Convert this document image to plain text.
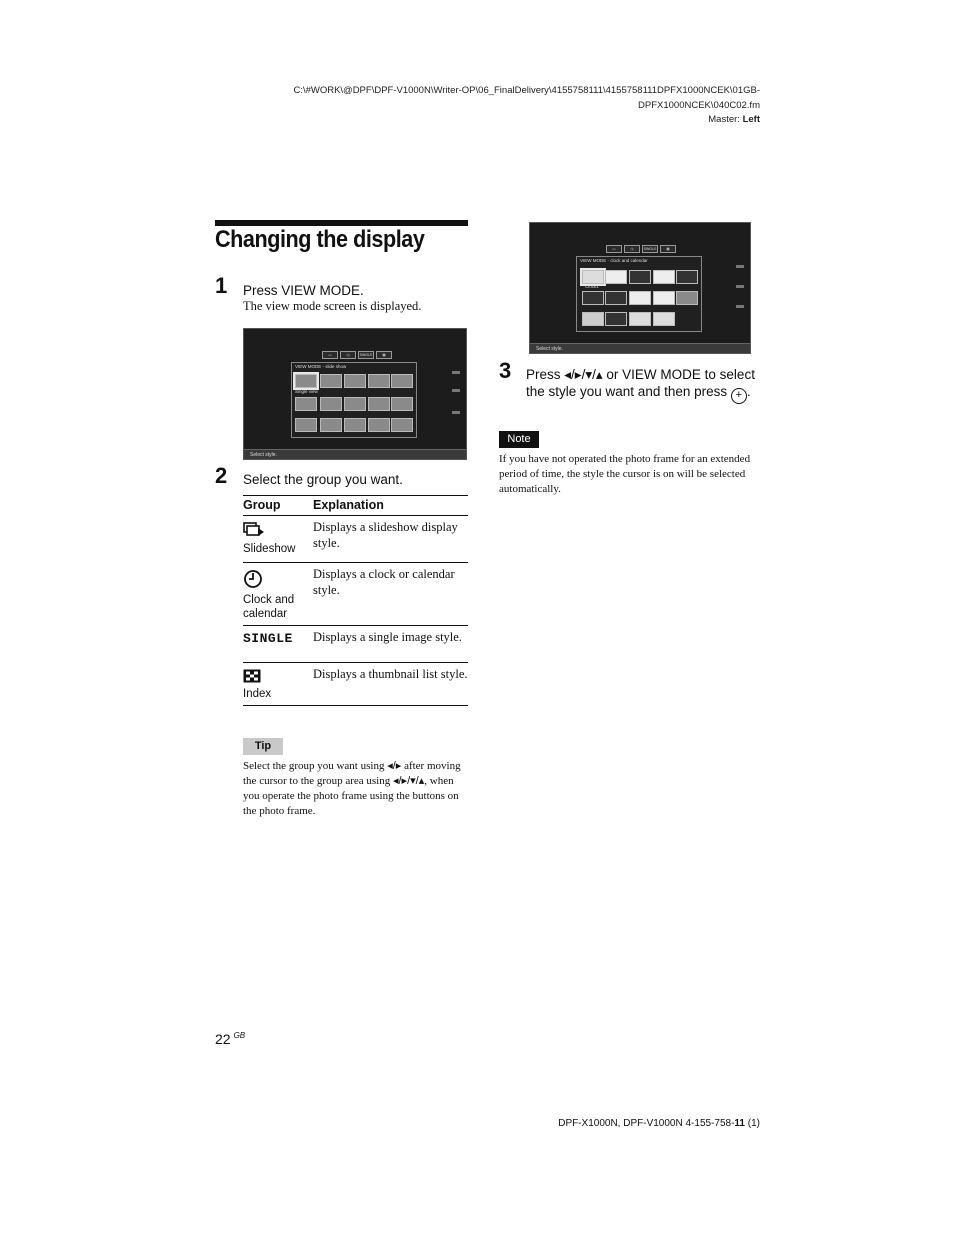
C:\#WORK\@DPF\DPF-V1000N\Writer-OP\06_FinalDelivery\4155758111\4155758111DPFX1000NCEK\01GB-
DPFX1000NCEK\040C02.fm
Master: Left
Changing the display
1 Press VIEW MODE.
The view mode screen is displayed.
▭	◷	SINGLE	▦
VIEW MODE - slide show
Single view
Select style.
2 Select the group you want.
Group	Explanation

Slideshow	Displays a slideshow display style.

Clock and calendar	Displays a clock or calendar style.
SINGLE	Displays a single image style.

Index	Displays a thumbnail list style.
Tip
Select the group you want using ◂/▸ after moving the cursor to the group area using ◂/▸/▾/▴, when you operate the photo frame using the buttons on the photo frame.
▭	◷	SINGLE	▦
VIEW MODE - clock and calendar
Clock1
Select style.
3 Press ◂/▸/▾/▴ or VIEW MODE to select the style you want and then press + .
Note
If you have not operated the photo frame for an extended period of time, the style the cursor is on will be selected automatically.
22 $^{GB}$
DPF-X1000N, DPF-V1000N 4-155-758-11 (1)
